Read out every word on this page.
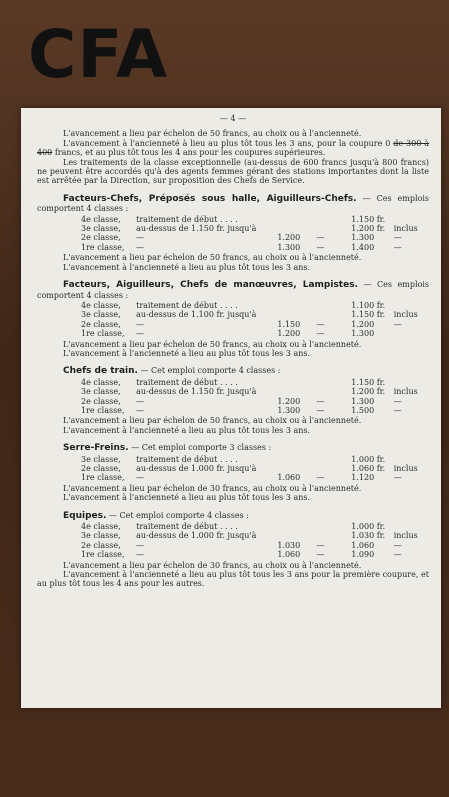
CFA
— 4 —

L'avancement a lieu par échelon de 50 francs, au choix ou à l'ancienneté.

L'avancement à l'ancienneté à lieu au plus tôt tous les 3 ans, pour la coupure 0 de 300 à 400 francs, et au plus tôt tous les 4 ans pour les coupures supérieures.

Les traitements de la classe exceptionnelle (au-dessus de 600 francs jusqu'à 800 francs) ne peuvent être accordés qu'à des agents femmes gérant des stations importantes dont la liste est arrêtée par la Direction, sur proposition des Chefs de Service.

Facteurs-Chefs, Préposés sous halle, Aiguilleurs-Chefs. — Ces emplois comportent 4 classes :

4e classe,	traitement de début . . . .			1.150 fr.	
3e classe,	au-dessus de 1.150 fr. jusqu'à			1.200 fr.	inclus
2e classe,	—	1.200	—	1.300	—
1re classe,	—	1.300	—	1.400	—

L'avancement a lieu par échelon de 50 francs, au choix ou à l'ancienneté.

L'avancement à l'ancienneté a lieu au plus tôt tous les 3 ans.

Facteurs, Aiguilleurs, Chefs de manœuvres, Lampistes. — Ces emplois comportent 4 classes :

4e classe,	traitement de début . . . .			1.100 fr.	
3e classe,	au-dessus de 1.100 fr. jusqu'à			1.150 fr.	inclus
2e classe,	—	1.150	—	1.200	—
1re classe,	—	1.200	—	1.300	

L'avancement a lieu par échelon de 50 francs, au choix ou à l'ancienneté.

L'avancement à l'ancienneté a lieu au plus tôt tous les 3 ans.

Chefs de train. — Cet emploi comporte 4 classes :

4e classe,	traitement de début . . . .			1.150 fr.	
3e classe,	au-dessus de 1.150 fr. jusqu'à			1.200 fr.	inclus
2e classe,	—	1.200	—	1.300	—
1re classe,	—	1.300	—	1.500	—

L'avancement a lieu par échelon de 50 francs, au choix ou à l'ancienneté.

L'avancement à l'ancienneté a lieu au plus tôt tous les 3 ans.

Serre-Freins. — Cet emploi comporte 3 classes :

3e classe,	traitement de début . . . .			1.000 fr.	
2e classe,	au-dessus de 1.000 fr. jusqu'à			1.060 fr.	inclus
1re classe,	—	1.060	—	1.120	—

L'avancement a lieu par échelon de 30 francs, au choix ou à l'ancienneté.

L'avancement à l'ancienneté a lieu au plus tôt tous les 3 ans.

Equipes. — Cet emploi comporte 4 classes :

4e classe,	traitement de début . . . .			1.000 fr.	
3e classe,	au-dessus de 1.000 fr. jusqu'à			1.030 fr.	inclus
2e classe,	—	1.030	—	1.060	—
1re classe,	—	1.060	—	1.090	—

L'avancement a lieu par échelon de 30 francs, au choix ou à l'ancienneté.

L'avancement à l'ancienneté a lieu au plus tôt tous les 3 ans pour la première coupure, et au plus tôt tous les 4 ans pour les autres.
